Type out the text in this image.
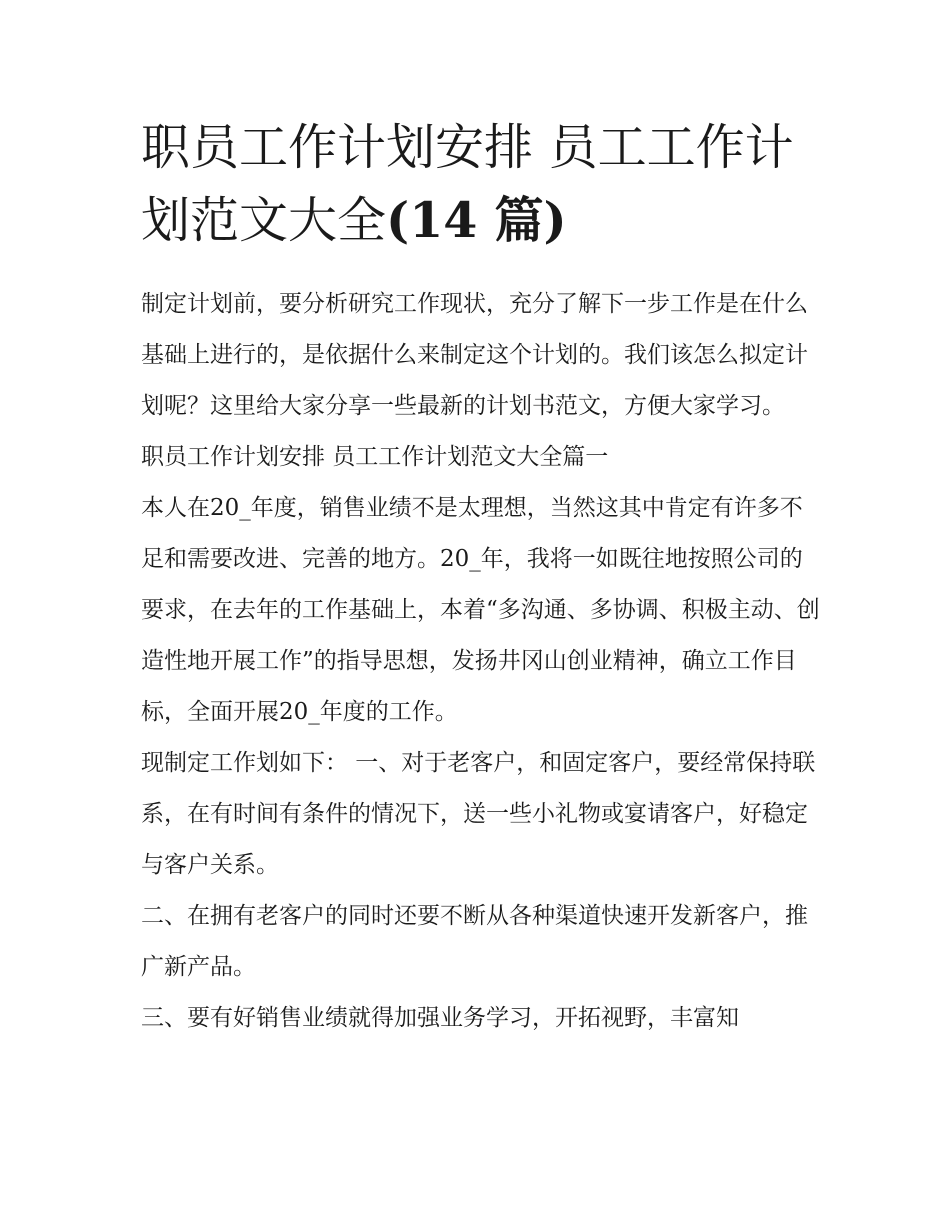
职员工作计划安排 员工工作计
划范文大全(14 篇)

制定计划前，要分析研究工作现状，充分了解下一步工作是在什么基础上进行的，是依据什么来制定这个计划的。我们该怎么拟定计划呢？这里给大家分享一些最新的计划书范文，方便大家学习。

职员工作计划安排 员工工作计划范文大全篇一

本人在20_年度，销售业绩不是太理想，当然这其中肯定有许多不足和需要改进、完善的地方。20_年，我将一如既往地按照公司的要求，在去年的工作基础上，本着“多沟通、多协调、积极主动、创造性地开展工作”的指导思想，发扬井冈山创业精神，确立工作目标，全面开展20_年度的工作。

现制定工作划如下： 一、对于老客户，和固定客户，要经常保持联系，在有时间有条件的情况下，送一些小礼物或宴请客户，好稳定与客户关系。

二、在拥有老客户的同时还要不断从各种渠道快速开发新客户，推广新产品。

三、要有好销售业绩就得加强业务学习，开拓视野，丰富知
